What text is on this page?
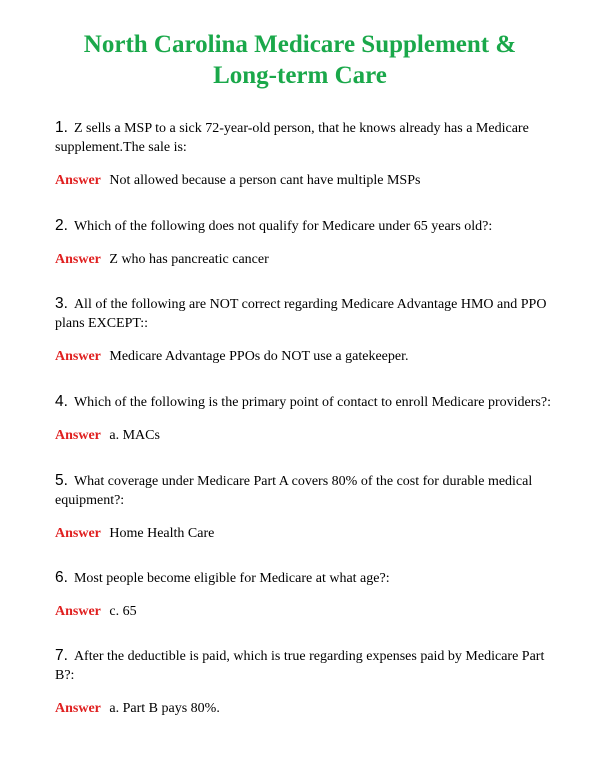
North Carolina Medicare Supplement &
Long-term Care

1. Z sells a MSP to a sick 72-year-old person, that he knows already has a Medicare supplement.The sale is:

Answer Not allowed because a person cant have multiple MSPs

2. Which of the following does not qualify for Medicare under 65 years old?:

Answer Z who has pancreatic cancer

3. All of the following are NOT correct regarding Medicare Advantage HMO and PPO plans EXCEPT::

Answer Medicare Advantage PPOs do NOT use a gatekeeper.

4. Which of the following is the primary point of contact to enroll Medicare providers?:

Answer a. MACs

5. What coverage under Medicare Part A covers 80% of the cost for durable medical equipment?:

Answer Home Health Care

6. Most people become eligible for Medicare at what age?:

Answer c. 65

7. After the deductible is paid, which is true regarding expenses paid by Medicare Part B?:

Answer a. Part B pays 80%.
